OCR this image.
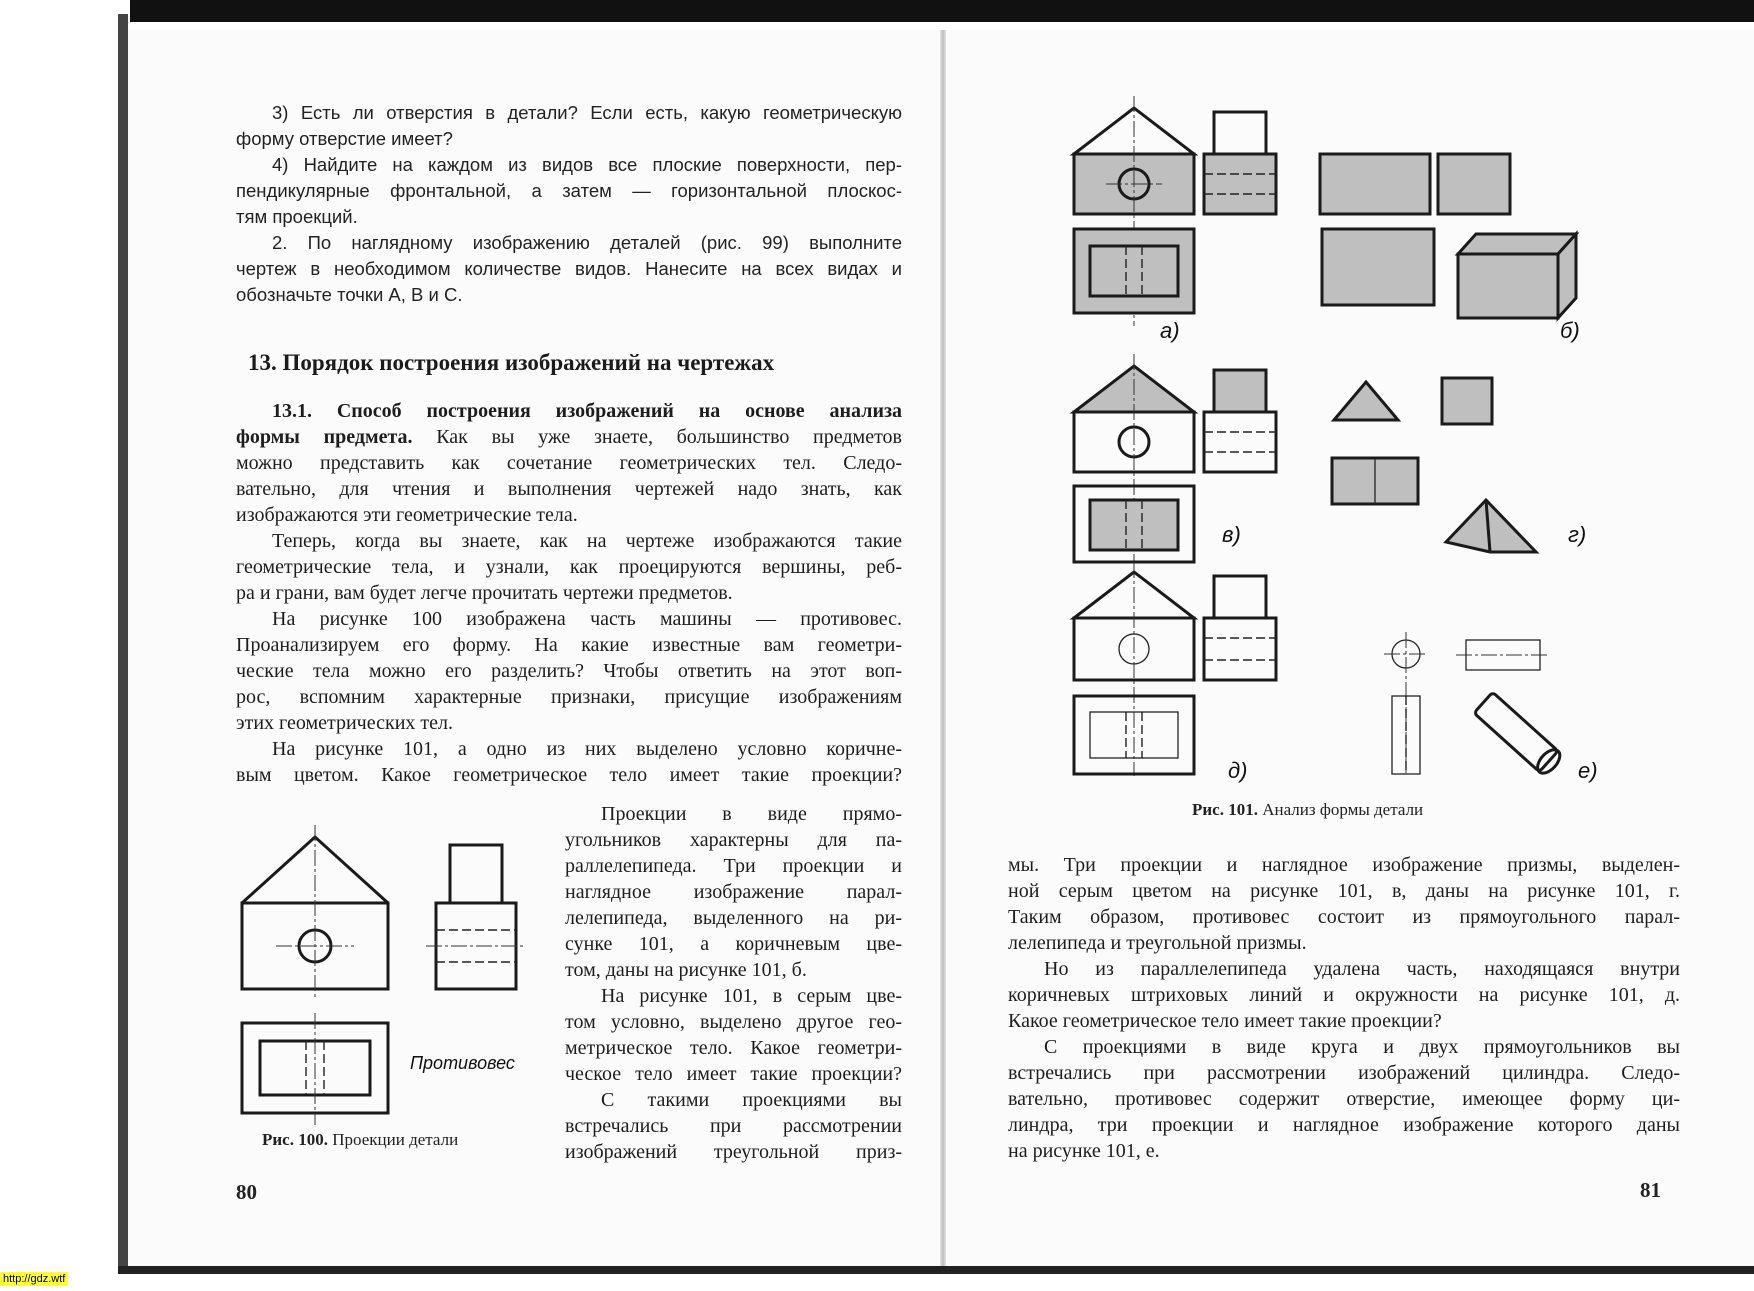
3) Есть ли отверстия в детали? Если есть, какую геометрическую
форму отверстие имеет?
4) Найдите на каждом из видов все плоские поверхности, пер-
пендикулярные фронтальной, а затем — горизонтальной плоскос-
тям проекций.
2. По наглядному изображению деталей (рис. 99) выполните
чертеж в необходимом количестве видов. Нанесите на всех видах и
обозначьте точки A, B и C.
13. Порядок построения изображений на чертежах
13.1. Способ построения изображений на основе анализа
формы предмета. Как вы уже знаете, большинство предметов
можно представить как сочетание геометрических тел. Следо-
вательно, для чтения и выполнения чертежей надо знать, как
изображаются эти геометрические тела.
Теперь, когда вы знаете, как на чертеже изображаются такие
геометрические тела, и узнали, как проецируются вершины, реб-
ра и грани, вам будет легче прочитать чертежи предметов.
На рисунке 100 изображена часть машины — противовес.
Проанализируем его форму. На какие известные вам геометри-
ческие тела можно его разделить? Чтобы ответить на этот воп-
рос, вспомним характерные признаки, присущие изображениям
этих геометрических тел.
На рисунке 101, а одно из них выделено условно коричне-
вым цветом. Какое геометрическое тело имеет такие проекции?
Проекции в виде прямо-
угольников характерны для па-
раллелепипеда. Три проекции и
наглядное изображение парал-
лелепипеда, выделенного на ри-
сунке 101, а коричневым цве-
том, даны на рисунке 101, б.
На рисунке 101, в серым цве-
том условно, выделено другое гео-
метрическое тело. Какое геометри-
ческое тело имеет такие проекции?
С такими проекциями вы
встречались при рассмотрении
изображений треугольной приз-
Противовес
Рис. 100. Проекции детали
80
а)	б)
в)	г)
д)	е)
Рис. 101. Анализ формы детали
мы. Три проекции и наглядное изображение призмы, выделен-
ной серым цветом на рисунке 101, в, даны на рисунке 101, г.
Таким образом, противовес состоит из прямоугольного парал-
лелепипеда и треугольной призмы.
Но из параллелепипеда удалена часть, находящаяся внутри
коричневых штриховых линий и окружности на рисунке 101, д.
Какое геометрическое тело имеет такие проекции?
С проекциями в виде круга и двух прямоугольников вы
встречались при рассмотрении изображений цилиндра. Следо-
вательно, противовес содержит отверстие, имеющее форму ци-
линдра, три проекции и наглядное изображение которого даны
на рисунке 101, е.
81
http://gdz.wtf
